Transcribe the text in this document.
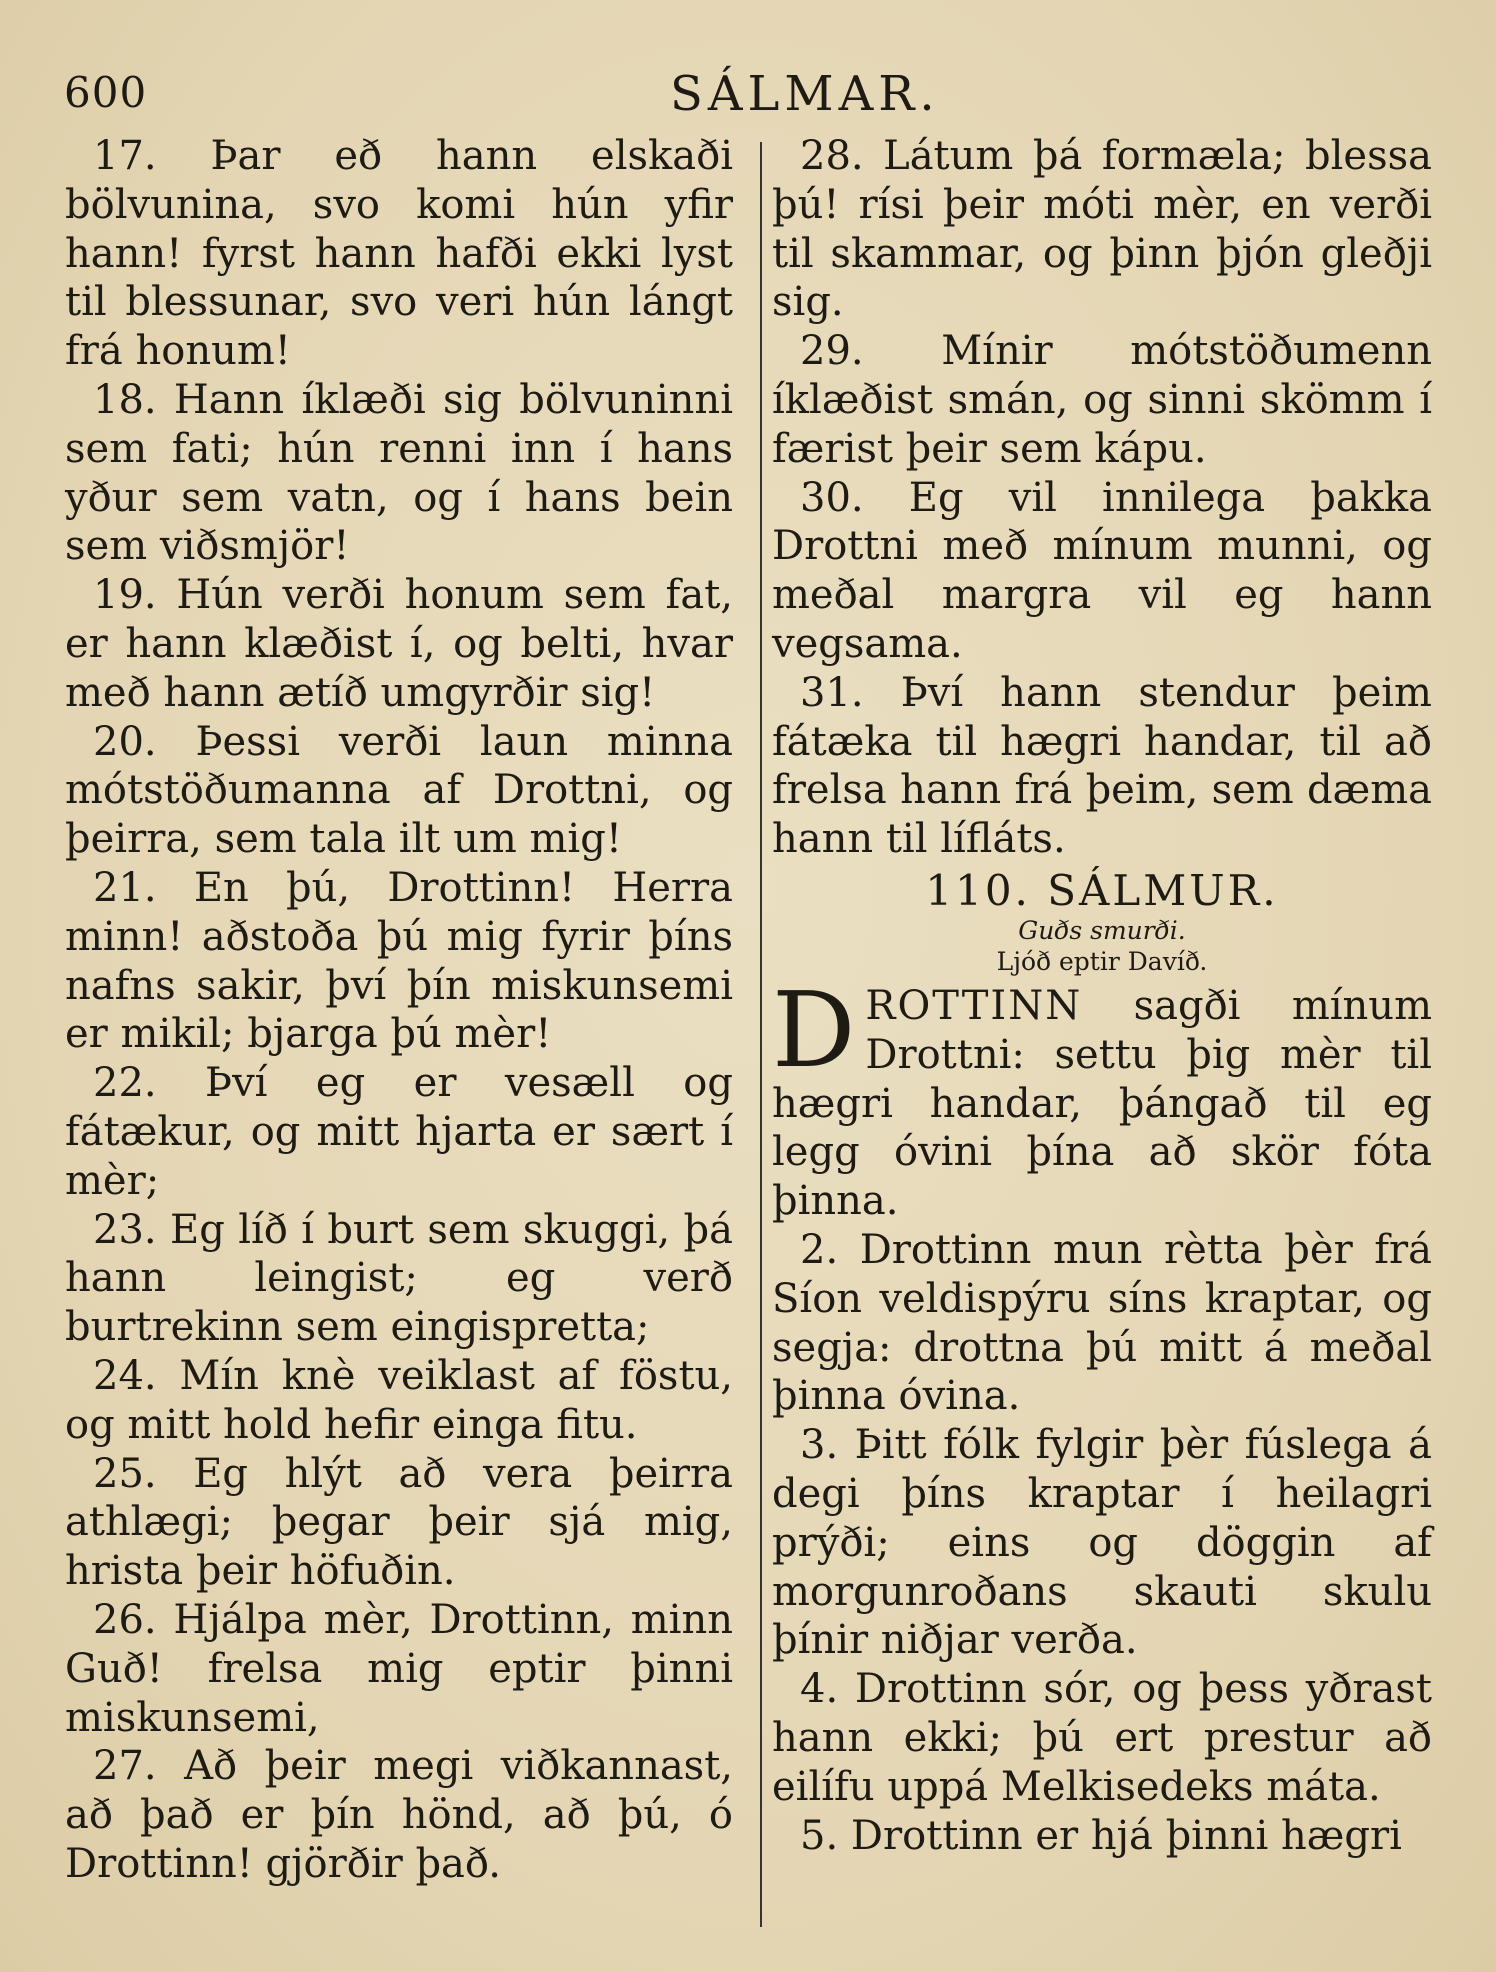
600	SÁLMAR.

17. Þar eð hann elskaði bölvunina, svo komi hún yfir hann! fyrst hann hafði ekki lyst til blessunar, svo veri hún lángt frá honum!

18. Hann íklæði sig bölvuninni sem fati; hún renni inn í hans yður sem vatn, og í hans bein sem viðsmjör!

19. Hún verði honum sem fat, er hann klæðist í, og belti, hvar með hann ætíð umgyrðir sig!

20. Þessi verði laun minna mótstöðumanna af Drottni, og þeirra, sem tala ilt um mig!

21. En þú, Drottinn! Herra minn! aðstoða þú mig fyrir þíns nafns sakir, því þín miskunsemi er mikil; bjarga þú mèr!

22. Því eg er vesæll og fátækur, og mitt hjarta er sært í mèr;

23. Eg líð í burt sem skuggi, þá hann leingist; eg verð burtrekinn sem eingispretta;

24. Mín knè veiklast af föstu, og mitt hold hefir einga fitu.

25. Eg hlýt að vera þeirra athlægi; þegar þeir sjá mig, hrista þeir höfuðin.

26. Hjálpa mèr, Drottinn, minn Guð! frelsa mig eptir þinni miskunsemi,

27. Að þeir megi viðkannast, að það er þín hönd, að þú, ó Drottinn! gjörðir það.

28. Látum þá formæla; blessa þú! rísi þeir móti mèr, en verði til skammar, og þinn þjón gleðji sig.

29. Mínir mótstöðumenn íklæðist smán, og sinni skömm í færist þeir sem kápu.

30. Eg vil innilega þakka Drottni með mínum munni, og meðal margra vil eg hann vegsama.

31. Því hann stendur þeim fátæka til hægri handar, til að frelsa hann frá þeim, sem dæma hann til lífláts.

110. SÁLMUR.

Guðs smurði.

Ljóð eptir Davíð.

DROTTINN sagði mínum Drottni: settu þig mèr til hægri handar, þángað til eg legg óvini þína að skör fóta þinna.

2. Drottinn mun rètta þèr frá Síon veldispýru síns kraptar, og segja: drottna þú mitt á meðal þinna óvina.

3. Þitt fólk fylgir þèr fúslega á degi þíns kraptar í heilagri prýði; eins og döggin af morgunroðans skauti skulu þínir niðjar verða.

4. Drottinn sór, og þess yðrast hann ekki; þú ert prestur að eilífu uppá Melkisedeks máta.

5. Drottinn er hjá þinni hægri
